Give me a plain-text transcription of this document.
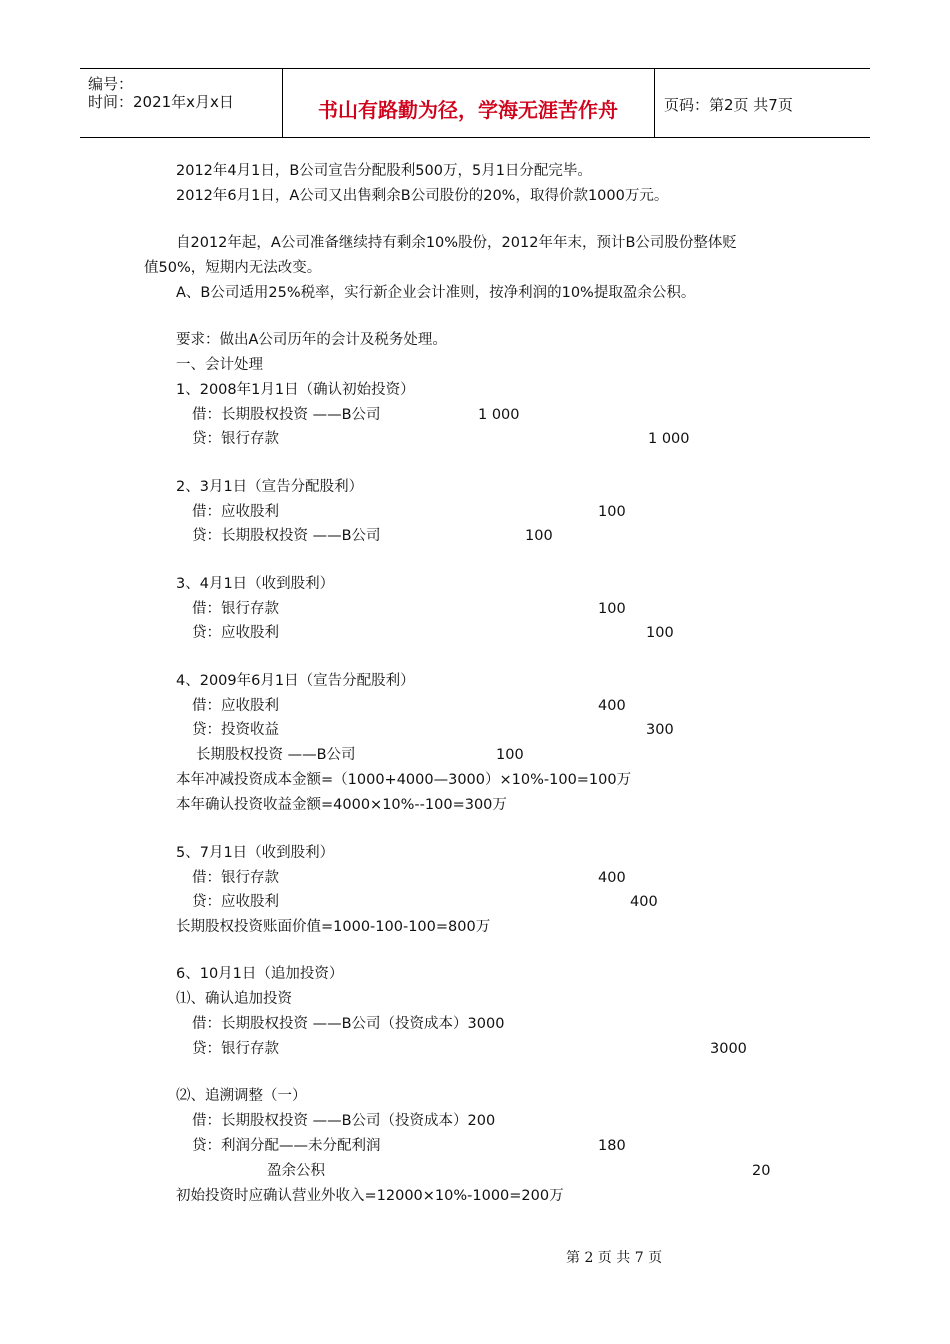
编号：
时间：2021年x月x日	书山有路勤为径，学海无涯苦作舟	页码：第2页 共7页
2012年4月1日，B公司宣告分配股利500万，5月1日分配完毕。
2012年6月1日，A公司又出售剩余B公司股份的20%，取得价款1000万元。
自2012年起，A公司准备继续持有剩余10%股份，2012年年末，预计B公司股份整体贬
值50%，短期内无法改变。
A、B公司适用25%税率，实行新企业会计准则，按净利润的10%提取盈余公积。
要求：做出A公司历年的会计及税务处理。
一、会计处理
1、2008年1月1日（确认初始投资）
借：长期股权投资 ——B公司	1 000
贷：银行存款	1 000
2、3月1日（宣告分配股利）
借：应收股利	100
贷：长期股权投资 ——B公司	100
3、4月1日（收到股利）
借：银行存款	100
贷：应收股利	100
4、2009年6月1日（宣告分配股利）
借：应收股利	400
贷：投资收益	300
长期股权投资 ——B公司	100
本年冲减投资成本金额=（1000+4000—3000）×10%-100=100万
本年确认投资收益金额=4000×10%--100=300万
5、7月1日（收到股利）
借：银行存款	400
贷：应收股利	400
长期股权投资账面价值=1000-100-100=800万
6、10月1日（追加投资）
⑴、确认追加投资
借：长期股权投资 ——B公司（投资成本）3000
贷：银行存款	3000
⑵、追溯调整（一）
借：长期股权投资 ——B公司（投资成本）200
贷：利润分配——未分配利润	180
盈余公积	20
初始投资时应确认营业外收入=12000×10%-1000=200万
第 2 页 共 7 页
